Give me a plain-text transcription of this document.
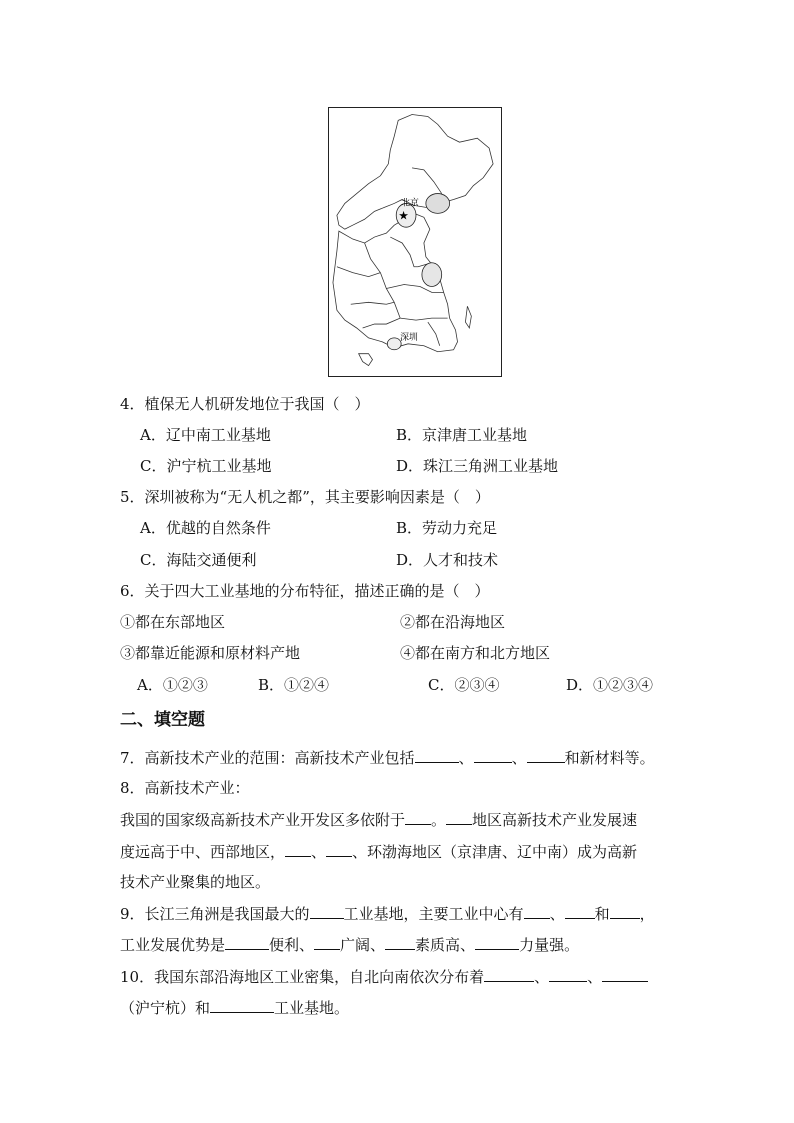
北京
★
深圳
4．植保无人机研发地位于我国（　）
A．辽中南工业基地	B．京津唐工业基地
C．沪宁杭工业基地	D．珠江三角洲工业基地
5．深圳被称为“无人机之都”，其主要影响因素是（　）
A．优越的自然条件	B．劳动力充足
C．海陆交通便利	D．人才和技术
6．关于四大工业基地的分布特征，描述正确的是（　）
①都在东部地区	②都在沿海地区
③都靠近能源和原材料产地	④都在南方和北方地区
A．①②③	B．①②④	C．②③④	D．①②③④
二、填空题
7．高新技术产业的范围：高新技术产业包括	、	、	和新材料等。
8．高新技术产业：
我国的国家级高新技术产业开发区多依附于 。 地区高新技术产业发展速
度远高于中、西部地区， 、 、环渤海地区（京津唐、辽中南）成为高新
技术产业聚集的地区。
9．长江三角洲是我国最大的 工业基地，主要工业中心有 、 和 ，
工业发展优势是	便利、 广阔、 素质高、	力量强。
10．我国东部沿海地区工业密集，自北向南依次分布着	、	、
（沪宁杭）和	工业基地。
